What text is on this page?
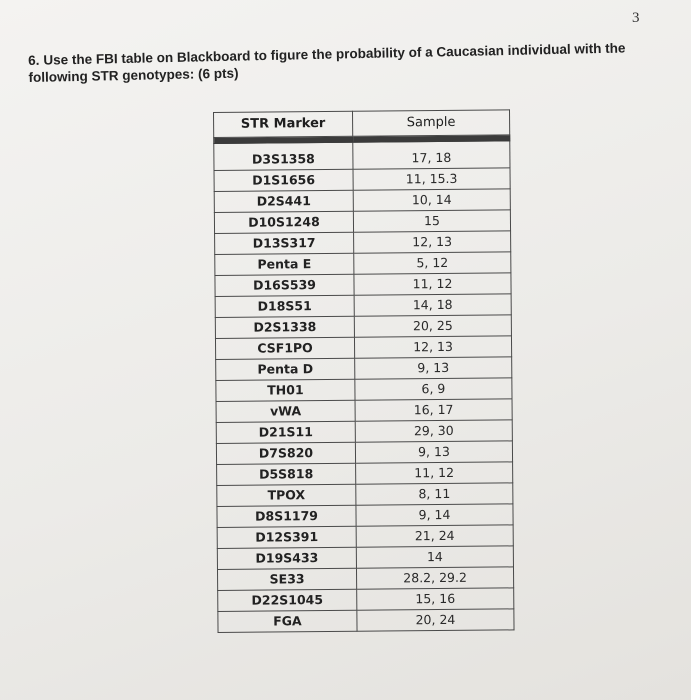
3
6. Use the FBI table on Blackboard to figure the probability of a Caucasian individual with the following STR genotypes: (6 pts)
STR Marker	Sample

D3S1358	17, 18
D1S1656	11, 15.3
D2S441	10, 14
D10S1248	15
D13S317	12, 13
Penta E	5, 12
D16S539	11, 12
D18S51	14, 18
D2S1338	20, 25
CSF1PO	12, 13
Penta D	9, 13
TH01	6, 9
vWA	16, 17
D21S11	29, 30
D7S820	9, 13
D5S818	11, 12
TPOX	8, 11
D8S1179	9, 14
D12S391	21, 24
D19S433	14
SE33	28.2, 29.2
D22S1045	15, 16
FGA	20, 24
